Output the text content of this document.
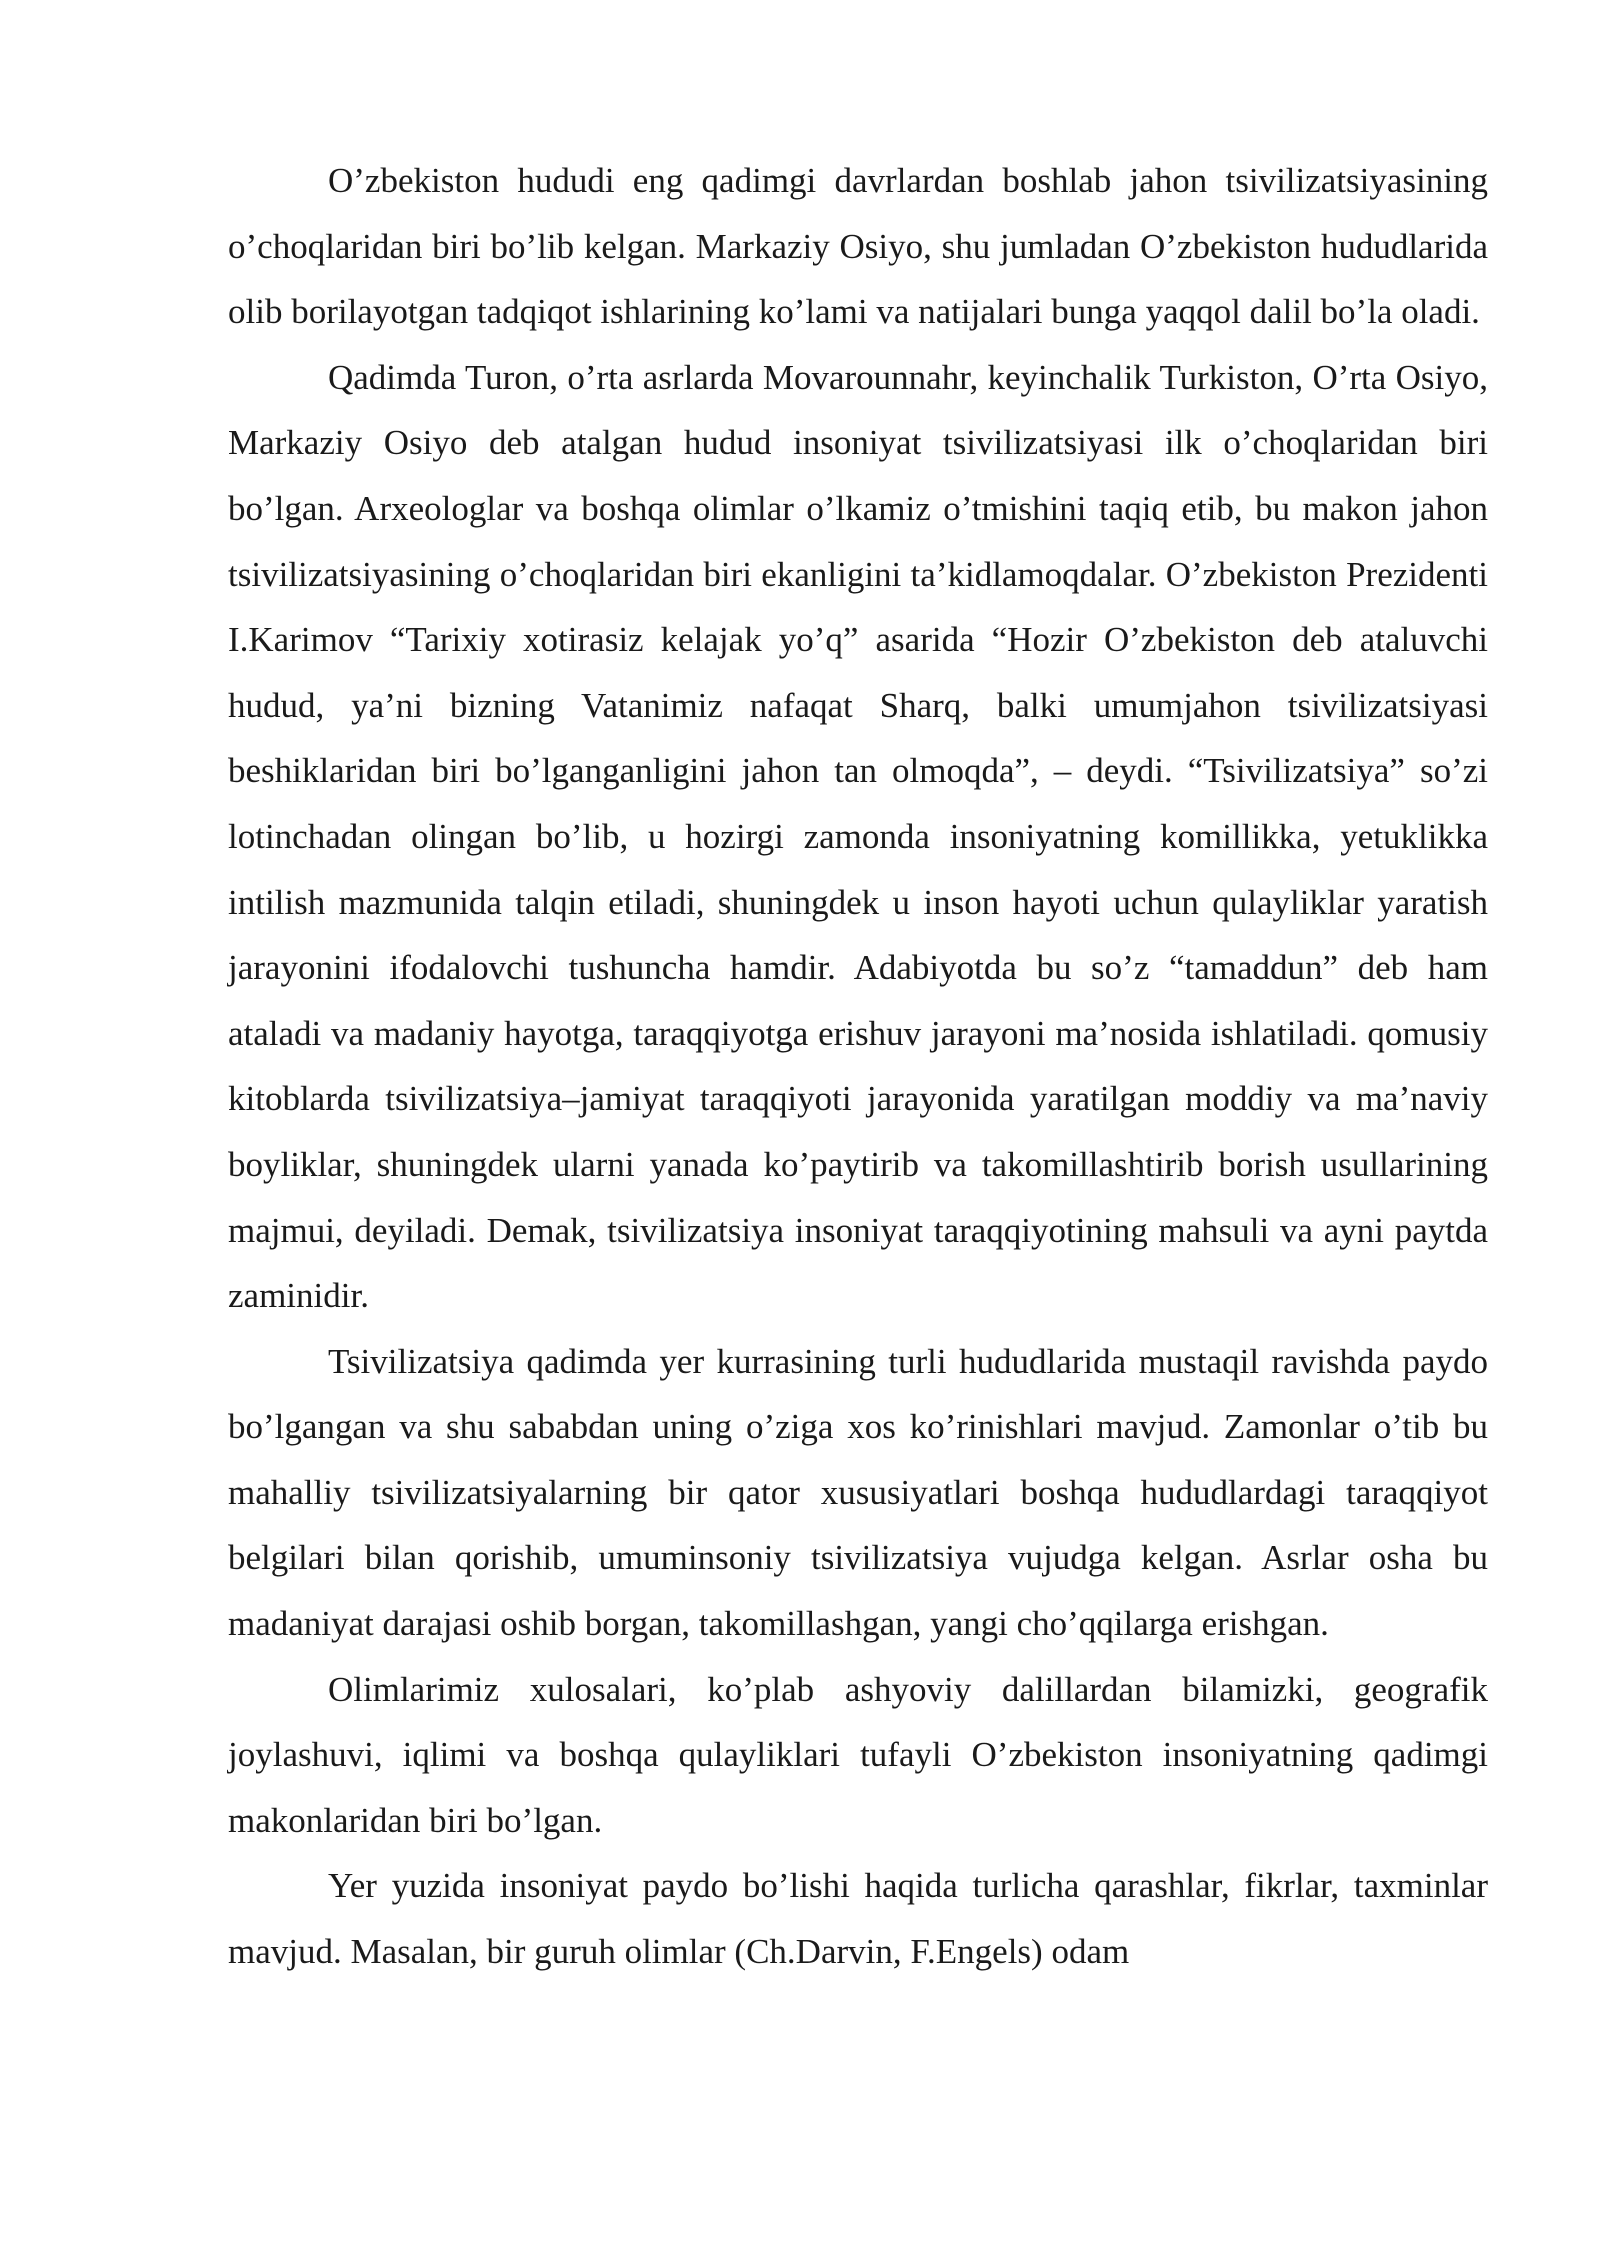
O’zbekiston hududi eng qadimgi davrlardan boshlab jahon tsivilizatsiyasining o’choqlaridan biri bo’lib kelgan. Markaziy Osiyo, shu jumladan O’zbekiston hududlarida olib borilayotgan tadqiqot ishlarining ko’lami va natijalari bunga yaqqol dalil bo’la oladi.

Qadimda Turon, o’rta asrlarda Movarounnahr, keyinchalik Turkiston, O’rta Osiyo, Markaziy Osiyo deb atalgan hudud insoniyat tsivilizatsiyasi ilk o’choqlaridan biri bo’lgan. Arxeologlar va boshqa olimlar o’lkamiz o’tmishini taqiq etib, bu makon jahon tsivilizatsiyasining o’choqlaridan biri ekanligini ta’kidlamoqdalar. O’zbekiston Prezidenti I.Karimov “Tarixiy xotirasiz kelajak yo’q” asarida “Hozir O’zbekiston deb ataluvchi hudud, ya’ni bizning Vatanimiz nafaqat Sharq, balki umumjahon tsivilizatsiyasi beshiklaridan biri bo’lganganligini jahon tan olmoqda”, – deydi. “Tsivilizatsiya” so’zi lotinchadan olingan bo’lib, u hozirgi zamonda insoniyatning komillikka, yetuklikka intilish mazmunida talqin etiladi, shuningdek u inson hayoti uchun qulayliklar yaratish jarayonini ifodalovchi tushuncha hamdir. Adabiyotda bu so’z “tamaddun” deb ham ataladi va madaniy hayotga, taraqqiyotga erishuv jarayoni ma’nosida ishlatiladi. qomusiy kitoblarda tsivilizatsiya–jamiyat taraqqiyoti jarayonida yaratilgan moddiy va ma’naviy boyliklar, shuningdek ularni yanada ko’paytirib va takomillashtirib borish usullarining majmui, deyiladi. Demak, tsivilizatsiya insoniyat taraqqiyotining mahsuli va ayni paytda zaminidir.

Tsivilizatsiya qadimda yer kurrasining turli hududlarida mustaqil ravishda paydo bo’lgangan va shu sababdan uning o’ziga xos ko’rinishlari mavjud. Zamonlar o’tib bu mahalliy tsivilizatsiyalarning bir qator xususiyatlari boshqa hududlardagi taraqqiyot belgilari bilan qorishib, umuminsoniy tsivilizatsiya vujudga kelgan. Asrlar osha bu madaniyat darajasi oshib borgan, takomillashgan, yangi cho’qqilarga erishgan.

Olimlarimiz xulosalari, ko’plab ashyoviy dalillardan bilamizki, geografik joylashuvi, iqlimi va boshqa qulayliklari tufayli O’zbekiston insoniyatning qadimgi makonlaridan biri bo’lgan.

Yer yuzida insoniyat paydo bo’lishi haqida turlicha qarashlar, fikrlar, taxminlar mavjud. Masalan, bir guruh olimlar (Ch.Darvin, F.Engels) odam
